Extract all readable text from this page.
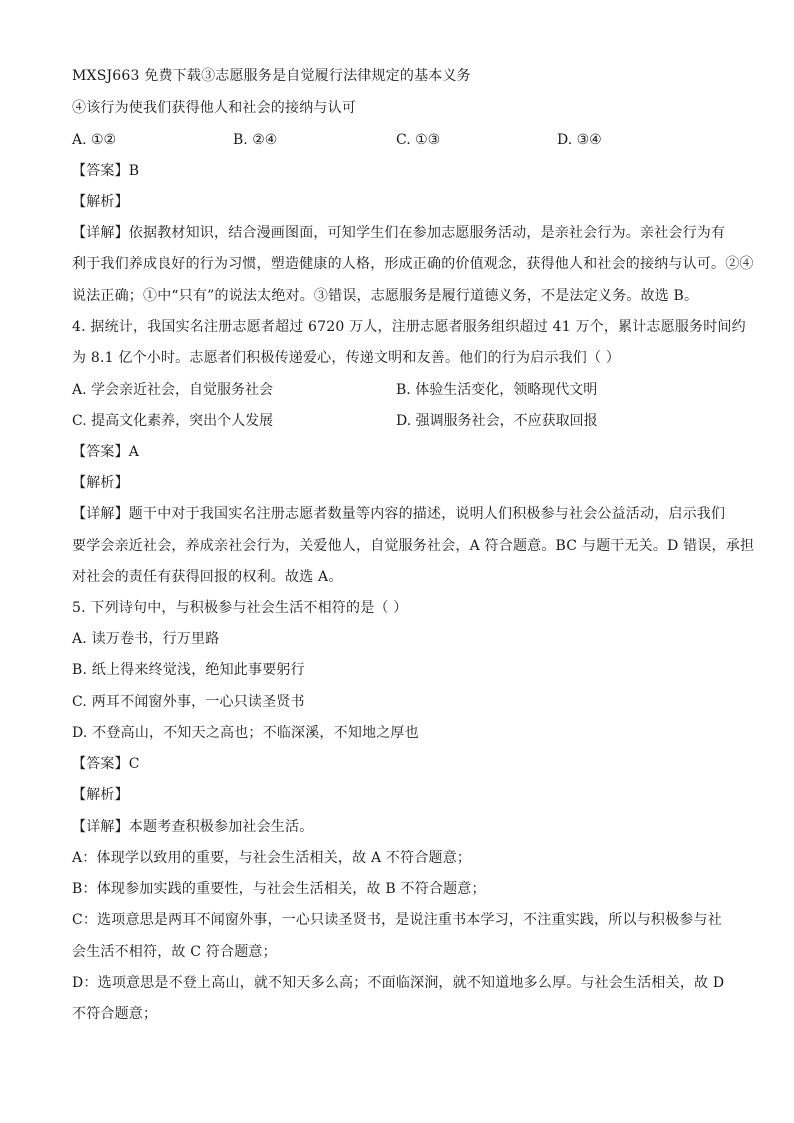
MXSJ663 免费下载③志愿服务是自觉履行法律规定的基本义务
④该行为使我们获得他人和社会的接纳与认可
A. ①②	B. ②④	C. ①③	D. ③④
【答案】B
【解析】
【详解】依据教材知识，结合漫画图面，可知学生们在参加志愿服务活动，是亲社会行为。亲社会行为有
利于我们养成良好的行为习惯，塑造健康的人格，形成正确的价值观念，获得他人和社会的接纳与认可。②④
说法正确；①中“只有”的说法太绝对。③错误，志愿服务是履行道德义务，不是法定义务。故选 B。
4. 据统计，我国实名注册志愿者超过 6720 万人，注册志愿者服务组织超过 41 万个，累计志愿服务时间约
为 8.1 亿个小时。志愿者们积极传递爱心，传递文明和友善。他们的行为启示我们（ ）
A. 学会亲近社会，自觉服务社会	B. 体验生活变化，领略现代文明
C. 提高文化素养，突出个人发展	D. 强调服务社会，不应获取回报
【答案】A
【解析】
【详解】题干中对于我国实名注册志愿者数量等内容的描述，说明人们积极参与社会公益活动，启示我们
要学会亲近社会，养成亲社会行为，关爱他人，自觉服务社会，A 符合题意。BC 与题干无关。D 错误，承担
对社会的责任有获得回报的权利。故选 A。
5. 下列诗句中，与积极参与社会生活不相符的是（ ）
A. 读万卷书，行万里路
B. 纸上得来终觉浅，绝知此事要躬行
C. 两耳不闻窗外事，一心只读圣贤书
D. 不登高山，不知天之高也；不临深溪，不知地之厚也
【答案】C
【解析】
【详解】本题考查积极参加社会生活。
A：体现学以致用的重要，与社会生活相关，故 A 不符合题意；
B：体现参加实践的重要性，与社会生活相关，故 B 不符合题意；
C：选项意思是两耳不闻窗外事，一心只读圣贤书，是说注重书本学习，不注重实践，所以与积极参与社
会生活不相符，故 C 符合题意；
D：选项意思是不登上高山，就不知天多么高；不面临深涧，就不知道地多么厚。与社会生活相关，故 D
不符合题意；
